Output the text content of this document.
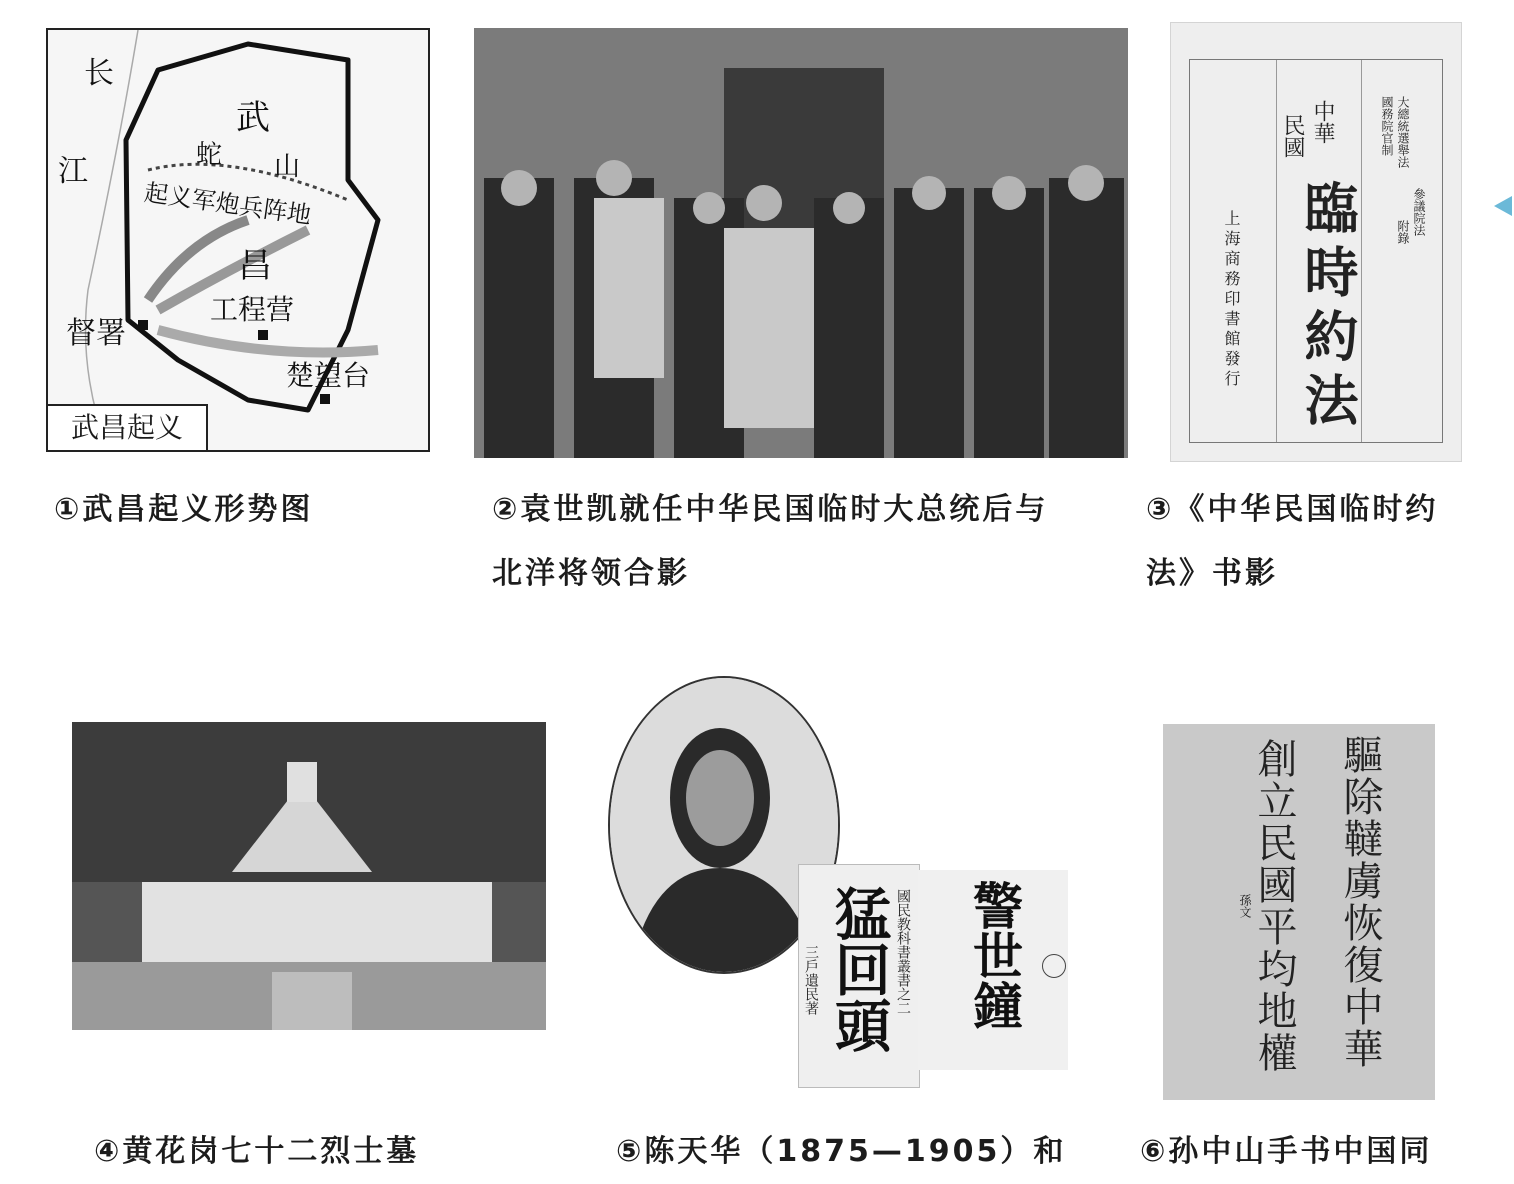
长
江
武
蛇 山
起义军炮兵阵地
昌
工程营
督署
楚望台
武昌起义
①武昌起义形势图	②袁世凯就任中华民国临时大总统后与
北洋将领合影
中華
民國
臨時約法
上海商務印書館發行
大總統選舉法
國務院官制
參議院法
附錄
③《中华民国临时约
法》书影
④黄花岗七十二烈士墓
猛回頭 國民教科書叢書之二
三戶遺民著	警世鐘
⑤陈天华（1875—1905）和
驅除韃虜恢復中華
創立民國平均地權
孫文
⑥孙中山手书中国同
